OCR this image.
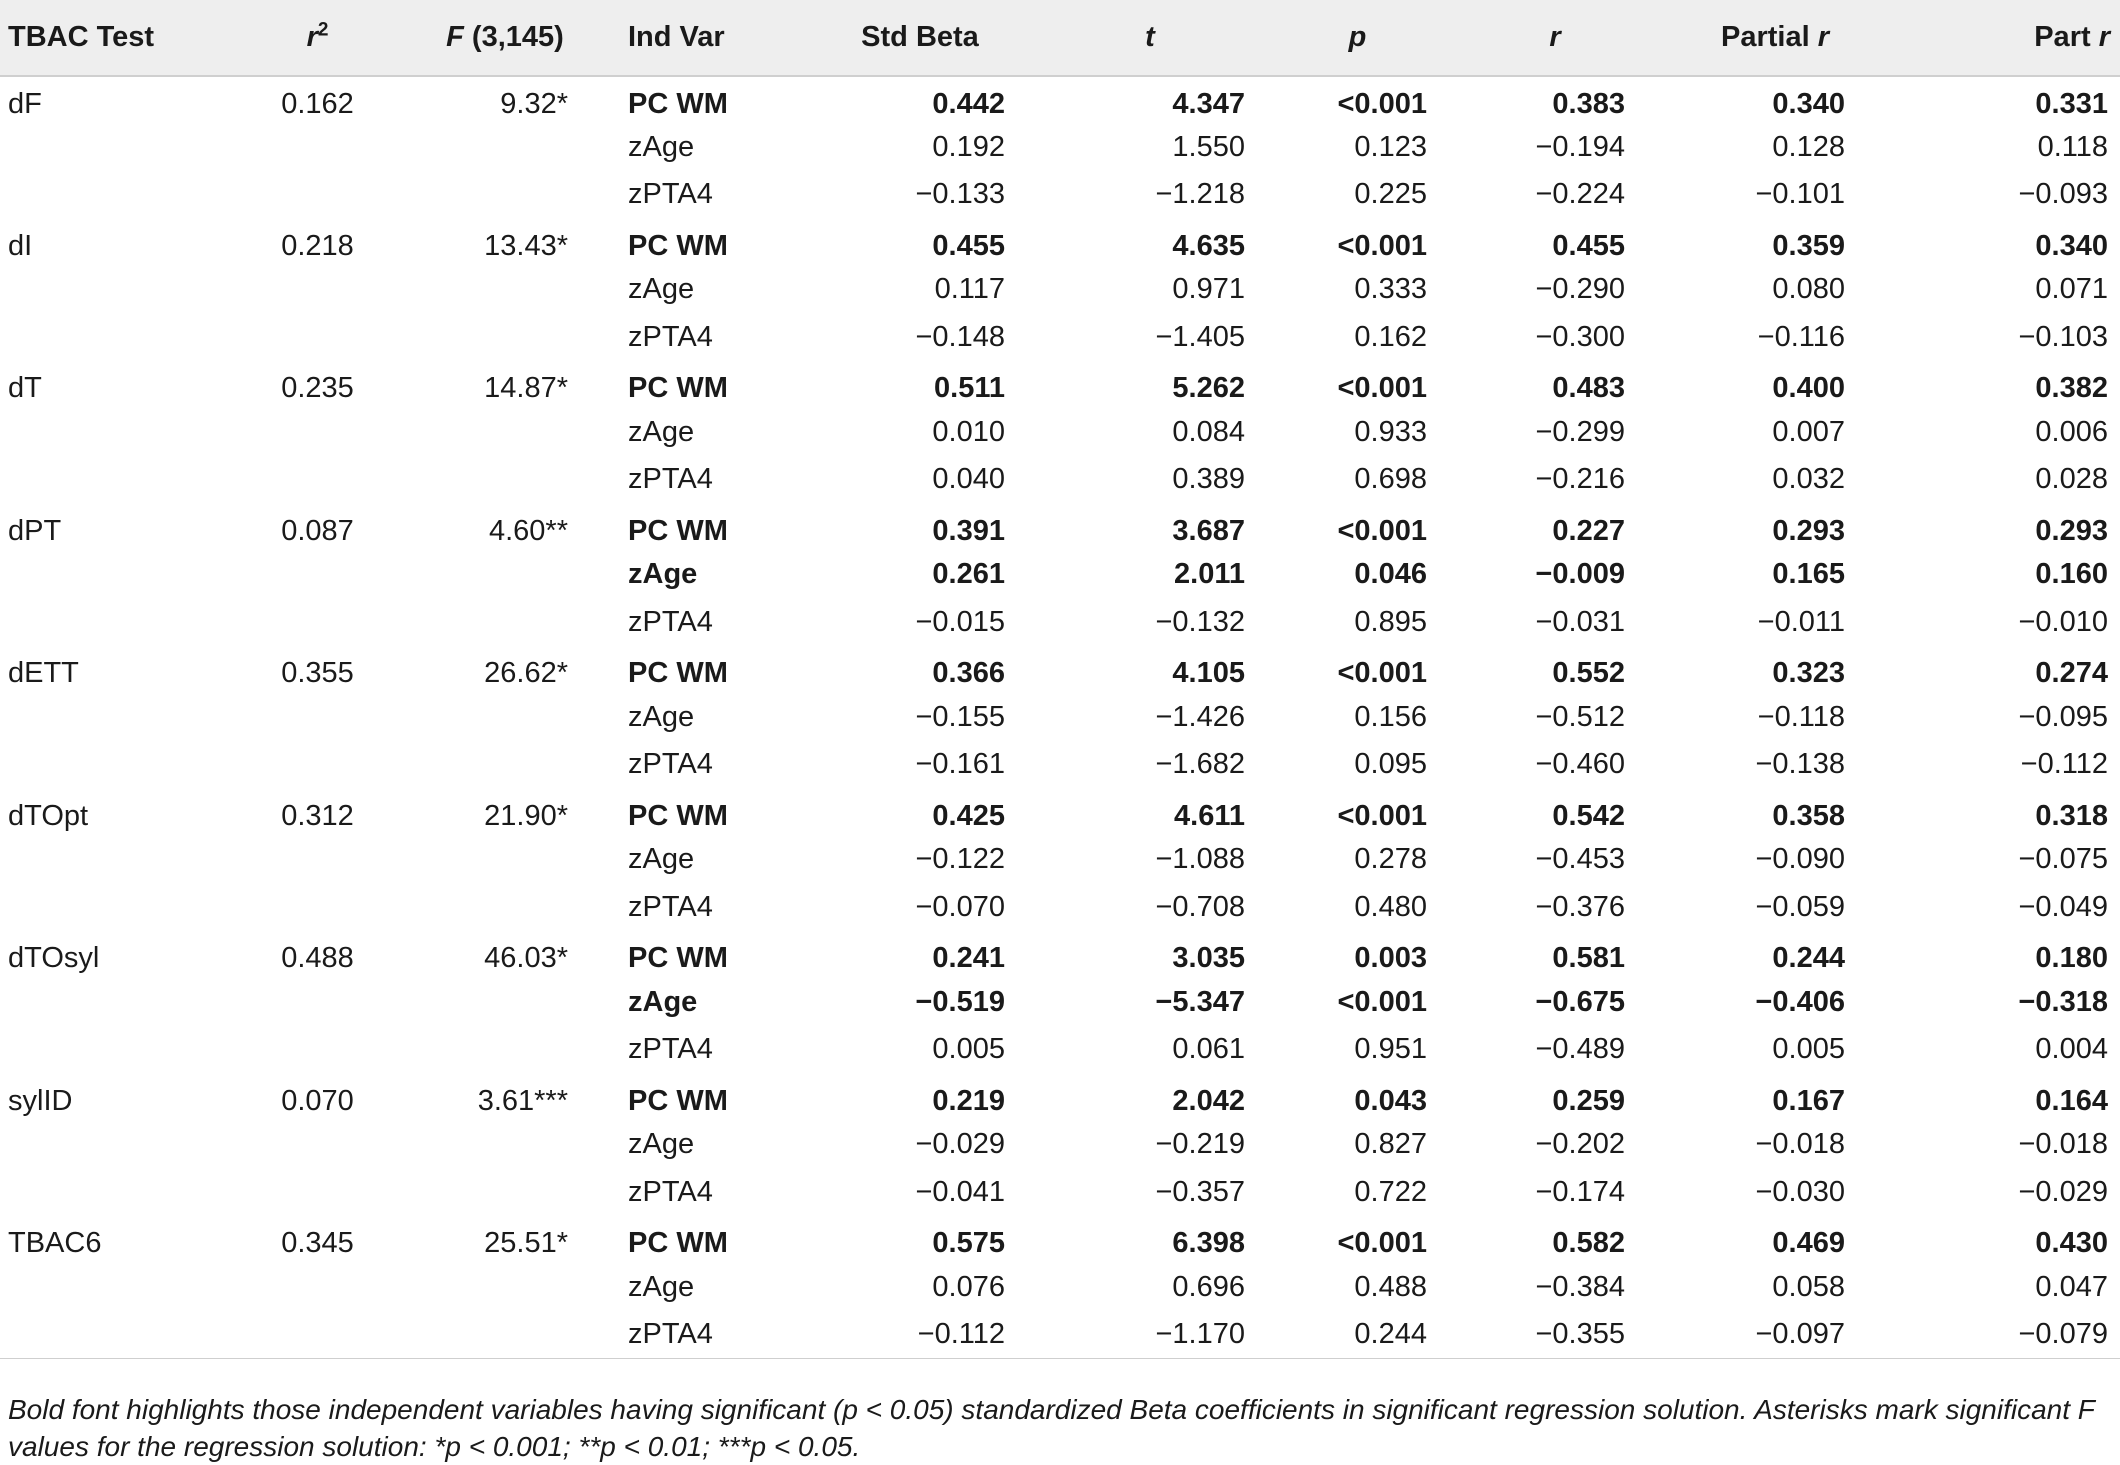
TBAC Test	$r^2$	F (3,145)	Ind Var	Std Beta	t	p	r	Partial r	Part r
dF	0.162	9.32*	PC WM	0.442	4.347	<0.001	0.383	0.340	0.331
			zAge	0.192	1.550	0.123	−0.194	0.128	0.118
			zPTA4	−0.133	−1.218	0.225	−0.224	−0.101	−0.093
dI	0.218	13.43*	PC WM	0.455	4.635	<0.001	0.455	0.359	0.340
			zAge	0.117	0.971	0.333	−0.290	0.080	0.071
			zPTA4	−0.148	−1.405	0.162	−0.300	−0.116	−0.103
dT	0.235	14.87*	PC WM	0.511	5.262	<0.001	0.483	0.400	0.382
			zAge	0.010	0.084	0.933	−0.299	0.007	0.006
			zPTA4	0.040	0.389	0.698	−0.216	0.032	0.028
dPT	0.087	4.60**	PC WM	0.391	3.687	<0.001	0.227	0.293	0.293
			zAge	0.261	2.011	0.046	−0.009	0.165	0.160
			zPTA4	−0.015	−0.132	0.895	−0.031	−0.011	−0.010
dETT	0.355	26.62*	PC WM	0.366	4.105	<0.001	0.552	0.323	0.274
			zAge	−0.155	−1.426	0.156	−0.512	−0.118	−0.095
			zPTA4	−0.161	−1.682	0.095	−0.460	−0.138	−0.112
dTOpt	0.312	21.90*	PC WM	0.425	4.611	<0.001	0.542	0.358	0.318
			zAge	−0.122	−1.088	0.278	−0.453	−0.090	−0.075
			zPTA4	−0.070	−0.708	0.480	−0.376	−0.059	−0.049
dTOsyl	0.488	46.03*	PC WM	0.241	3.035	0.003	0.581	0.244	0.180
			zAge	−0.519	−5.347	<0.001	−0.675	−0.406	−0.318
			zPTA4	0.005	0.061	0.951	−0.489	0.005	0.004
sylID	0.070	3.61***	PC WM	0.219	2.042	0.043	0.259	0.167	0.164
			zAge	−0.029	−0.219	0.827	−0.202	−0.018	−0.018
			zPTA4	−0.041	−0.357	0.722	−0.174	−0.030	−0.029
TBAC6	0.345	25.51*	PC WM	0.575	6.398	<0.001	0.582	0.469	0.430
			zAge	0.076	0.696	0.488	−0.384	0.058	0.047
			zPTA4	−0.112	−1.170	0.244	−0.355	−0.097	−0.079
Bold font highlights those independent variables having significant (p < 0.05) standardized Beta coefficients in significant regression solution. Asterisks mark significant F values for the regression solution: *p < 0.001; **p < 0.01; ***p < 0.05.
